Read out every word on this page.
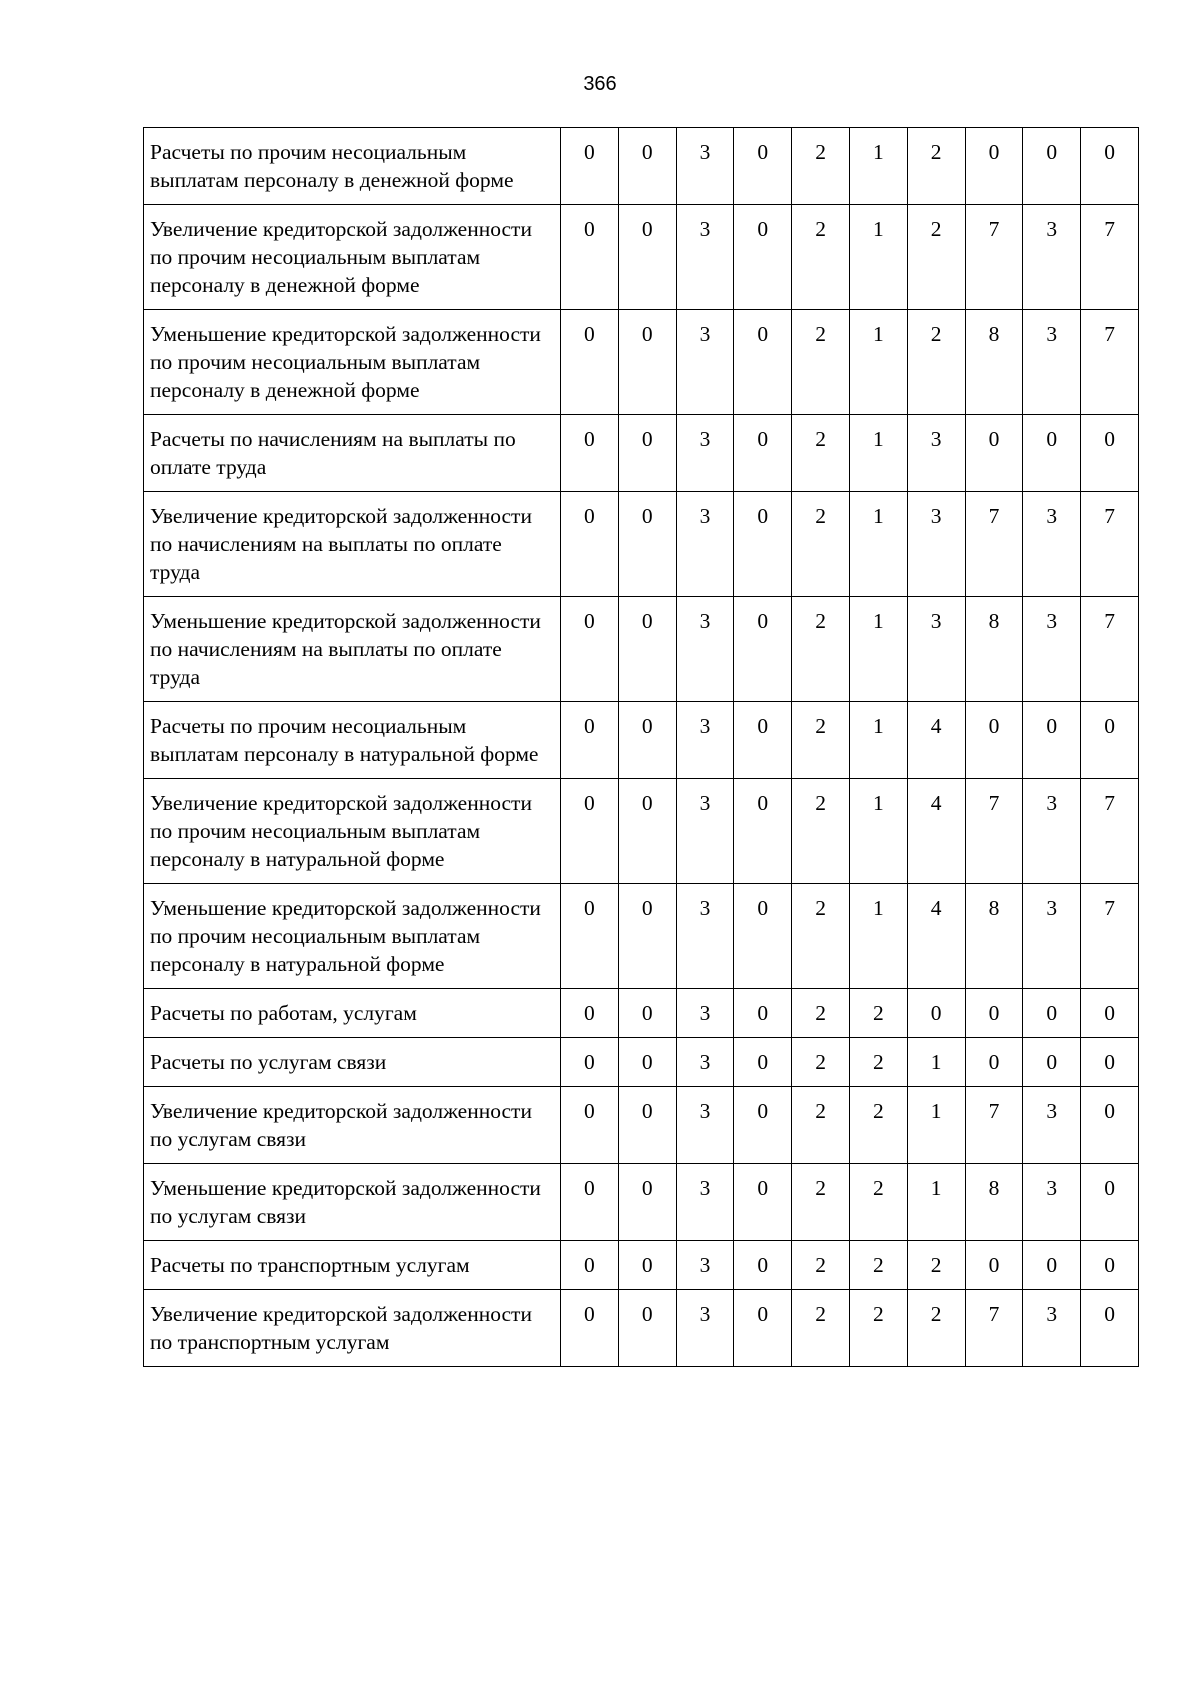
366
Расчеты по прочим несоциальным выплатам персоналу в денежной форме	0	0	3	0	2	1	2	0	0	0
Увеличение кредиторской задолженности по прочим несоциальным выплатам персоналу в денежной форме	0	0	3	0	2	1	2	7	3	7
Уменьшение кредиторской задолженности по прочим несоциальным выплатам персоналу в денежной форме	0	0	3	0	2	1	2	8	3	7
Расчеты по начислениям на выплаты по оплате труда	0	0	3	0	2	1	3	0	0	0
Увеличение кредиторской задолженности по начислениям на выплаты по оплате труда	0	0	3	0	2	1	3	7	3	7
Уменьшение кредиторской задолженности по начислениям на выплаты по оплате труда	0	0	3	0	2	1	3	8	3	7
Расчеты по прочим несоциальным выплатам персоналу в натуральной форме	0	0	3	0	2	1	4	0	0	0
Увеличение кредиторской задолженности по прочим несоциальным выплатам персоналу в натуральной форме	0	0	3	0	2	1	4	7	3	7
Уменьшение кредиторской задолженности по прочим несоциальным выплатам персоналу в натуральной форме	0	0	3	0	2	1	4	8	3	7
Расчеты по работам, услугам	0	0	3	0	2	2	0	0	0	0
Расчеты по услугам связи	0	0	3	0	2	2	1	0	0	0
Увеличение кредиторской задолженности по услугам связи	0	0	3	0	2	2	1	7	3	0
Уменьшение кредиторской задолженности по услугам связи	0	0	3	0	2	2	1	8	3	0
Расчеты по транспортным услугам	0	0	3	0	2	2	2	0	0	0
Увеличение кредиторской задолженности по транспортным услугам	0	0	3	0	2	2	2	7	3	0
